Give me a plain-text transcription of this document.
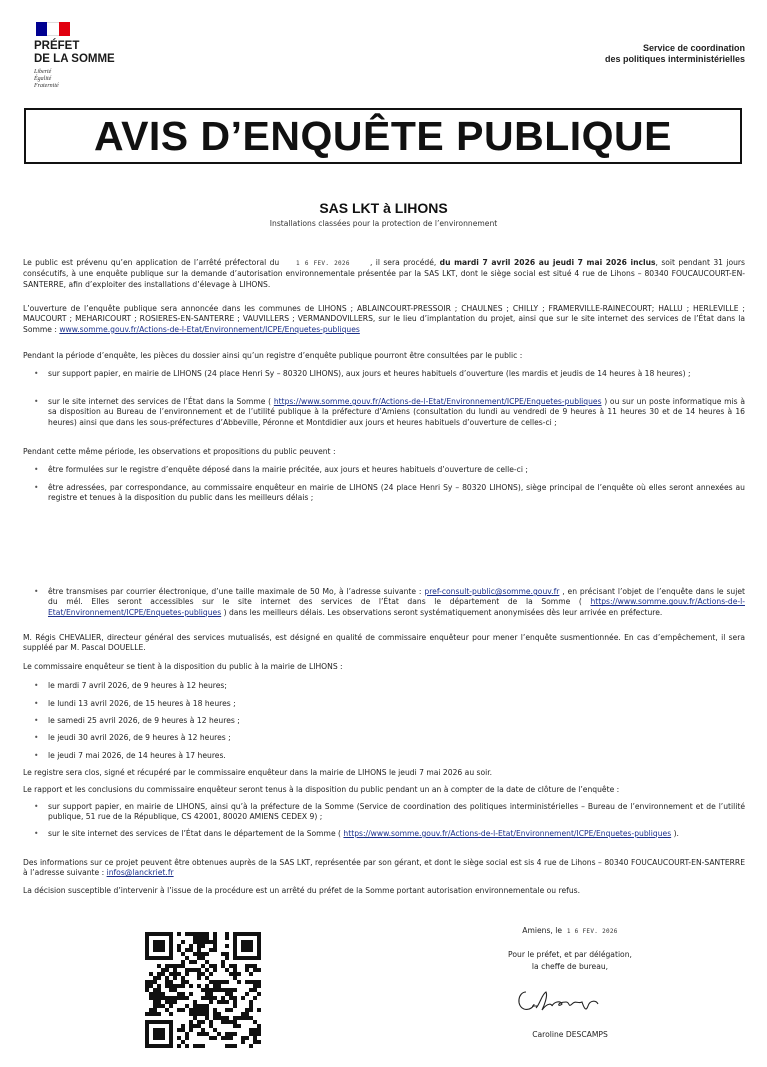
PRÉFET
DE LA SOMME
Liberté
Égalité
Fraternité
Service de coordination
des politiques interministérielles
AVIS D’ENQUÊTE PUBLIQUE
SAS LKT à LIHONS
Installations classées pour la protection de l’environnement
Le public est prévenu qu’en application de l’arrêté préfectoral du	1 6 FEV. 2026	, il sera procédé, du mardi 7 avril 2026 au jeudi 7 mai 2026 inclus, soit pendant 31 jours consécutifs, à une enquête publique sur la demande d’autorisation environnementale présentée par la SAS LKT, dont le siège social est situé 4 rue de Lihons – 80340 FOUCAUCOURT-EN-SANTERRE, afin d’exploiter des installations d’élevage à LIHONS.
L’ouverture de l’enquête publique sera annoncée dans les communes de LIHONS ; ABLAINCOURT-PRESSOIR ; CHAULNES ; CHILLY ; FRAMERVILLE-RAINECOURT; HALLU ; HERLEVILLE ; MAUCOURT ; MEHARICOURT ; ROSIERES-EN-SANTERRE ; VAUVILLERS ; VERMANDOVILLERS, sur le lieu d’implantation du projet, ainsi que sur le site internet des services de l’État dans la Somme : www.somme.gouv.fr/Actions-de-l-Etat/Environnement/ICPE/Enquetes-publiques
Pendant la période d’enquête, les pièces du dossier ainsi qu’un registre d’enquête publique pourront être consultées par le public :
• sur support papier, en mairie de LIHONS (24 place Henri Sy – 80320 LIHONS), aux jours et heures habituels d’ouverture (les mardis et jeudis de 14 heures à 18 heures) ;
• sur le site internet des services de l’État dans la Somme ( https://www.somme.gouv.fr/Actions-de-l-Etat/Environnement/ICPE/Enquetes-publiques ) ou sur un poste informatique mis à sa disposition au Bureau de l’environnement et de l’utilité publique à la préfecture d’Amiens (consultation du lundi au vendredi de 9 heures à 11 heures 30 et de 14 heures à 16 heures) ainsi que dans les sous-préfectures d’Abbeville, Péronne et Montdidier aux jours et heures habituels d’ouverture de celles-ci ;
Pendant cette même période, les observations et propositions du public peuvent :
• être formulées sur le registre d’enquête déposé dans la mairie précitée, aux jours et heures habituels d’ouverture de celle-ci ;
• être adressées, par correspondance, au commissaire enquêteur en mairie de LIHONS (24 place Henri Sy – 80320 LIHONS), siège principal de l’enquête où elles seront annexées au registre et tenues à la disposition du public dans les meilleurs délais ;
• être transmises par courrier électronique, d’une taille maximale de 50 Mo, à l’adresse suivante : pref-consult-public@somme.gouv.fr , en précisant l’objet de l’enquête dans le sujet du mél. Elles seront accessibles sur le site internet des services de l’État dans le département de la Somme ( https://www.somme.gouv.fr/Actions-de-l-Etat/Environnement/ICPE/Enquetes-publiques ) dans les meilleurs délais. Les observations seront systématiquement anonymisées dès leur arrivée en préfecture.
M. Régis CHEVALIER, directeur général des services mutualisés, est désigné en qualité de commissaire enquêteur pour mener l’enquête susmentionnée. En cas d’empêchement, il sera suppléé par M. Pascal DOUELLE.
Le commissaire enquêteur se tient à la disposition du public à la mairie de LIHONS :
• le mardi 7 avril 2026, de 9 heures à 12 heures;
• le lundi 13 avril 2026, de 15 heures à 18 heures ;
• le samedi 25 avril 2026, de 9 heures à 12 heures ;
• le jeudi 30 avril 2026, de 9 heures à 12 heures ;
• le jeudi 7 mai 2026, de 14 heures à 17 heures.
Le registre sera clos, signé et récupéré par le commissaire enquêteur dans la mairie de LIHONS le jeudi 7 mai 2026 au soir.
Le rapport et les conclusions du commissaire enquêteur seront tenus à la disposition du public pendant un an à compter de la date de clôture de l’enquête :
• sur support papier, en mairie de LIHONS, ainsi qu’à la préfecture de la Somme (Service de coordination des politiques interministérielles – Bureau de l’environnement et de l’utilité publique, 51 rue de la République, CS 42001, 80020 AMIENS CEDEX 9) ;
• sur le site internet des services de l’État dans le département de la Somme ( https://www.somme.gouv.fr/Actions-de-l-Etat/Environnement/ICPE/Enquetes-publiques ).
Des informations sur ce projet peuvent être obtenues auprès de la SAS LKT, représentée par son gérant, et dont le siège social est sis 4 rue de Lihons – 80340 FOUCAUCOURT-EN-SANTERRE à l’adresse suivante : infos@lanckriet.fr
La décision susceptible d’intervenir à l’issue de la procédure est un arrêté du préfet de la Somme portant autorisation environnementale ou refus.
Amiens, le 1 6 FEV. 2026
Pour le préfet, et par délégation,
la cheffe de bureau,
Caroline DESCAMPS
